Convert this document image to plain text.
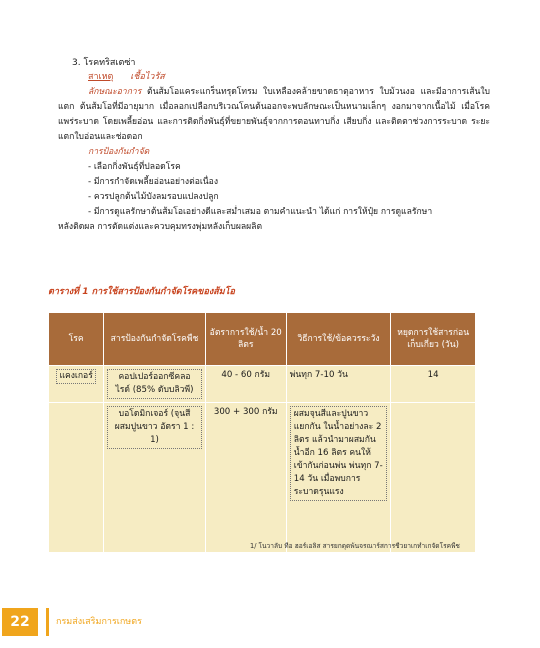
3. โรคทริสเตซ่า
สาเหตุ เชื้อไวรัส
ลักษณะอาการ ต้นส้มโอแคระแกร็นทรุดโทรม ใบเหลืองคล้ายขาดธาตุอาหาร ใบม้วนงอ และมีอาการเส้นใบแตก ต้นส้มโอที่มีอายุมาก เมื่อลอกเปลือกบริเวณโคนต้นออกจะพบลักษณะเป็นหนามเล็กๆ งอกมาจากเนื้อไม้ เมื่อโรคแพร่ระบาด โดยเพลี้ยอ่อน และการติดกิ่งพันธุ์ที่ขยายพันธุ์จากการตอนทาบกิ่ง เสียบกิ่ง และติดตาช่วงการระบาด ระยะแตกใบอ่อนและช่อดอก
การป้องกันกำจัด
- เลือกกิ่งพันธุ์ที่ปลอดโรค
- มีการกำจัดเพลี้ยอ่อนอย่างต่อเนื่อง
- ควรปลูกต้นไม้บังลมรอบแปลงปลูก
- มีการดูแลรักษาต้นส้มโอเอย่างดีและสม่ำเสมอ ตามคำแนะนำ ได้แก่ การให้ปุ๋ย การดูแลรักษา
หลังติดผล การตัดแต่งและควบคุมทรงพุ่มหลังเก็บผลผลิต
ตารางที่ 1 การใช้สารป้องกันกำจัดโรคของส้มโอ
โรค	สารป้องกันกำจัดโรคพืช	อัตราการใช้/น้ำ 20 ลิตร	วิธีการใช้/ข้อควรระวัง	หยุดการใช้สารก่อนเก็บเกี่ยว (วัน)
แคงเกอร์	คอปเปอร์ออกซีคลอไรด์ (85% ดับบลิวพี)	40 - 60 กรัม	พ่นทุก 7-10 วัน	14
	บอโดมิกเจอร์ (จุนสีผสมปูนขาว อัตรา 1 : 1)	300 + 300 กรัม	ผสมจุนสีและปูนขาวแยกกัน ในน้ำอย่างละ 2 ลิตร แล้วนำมาผสมกันน้ำอีก 16 ลิตร คนให้เข้ากันก่อนพ่น พ่นทุก 7-14 วัน เมื่อพบการระบาดรุนแรง	
1/ โนวาลับ ทีอ ฮอร์เอลิส สารยกดุดพ้นจรณาร์สการชีวยาเกทำเกจัดโรคพืช
22	กรมส่งเสริมการเกษตร
